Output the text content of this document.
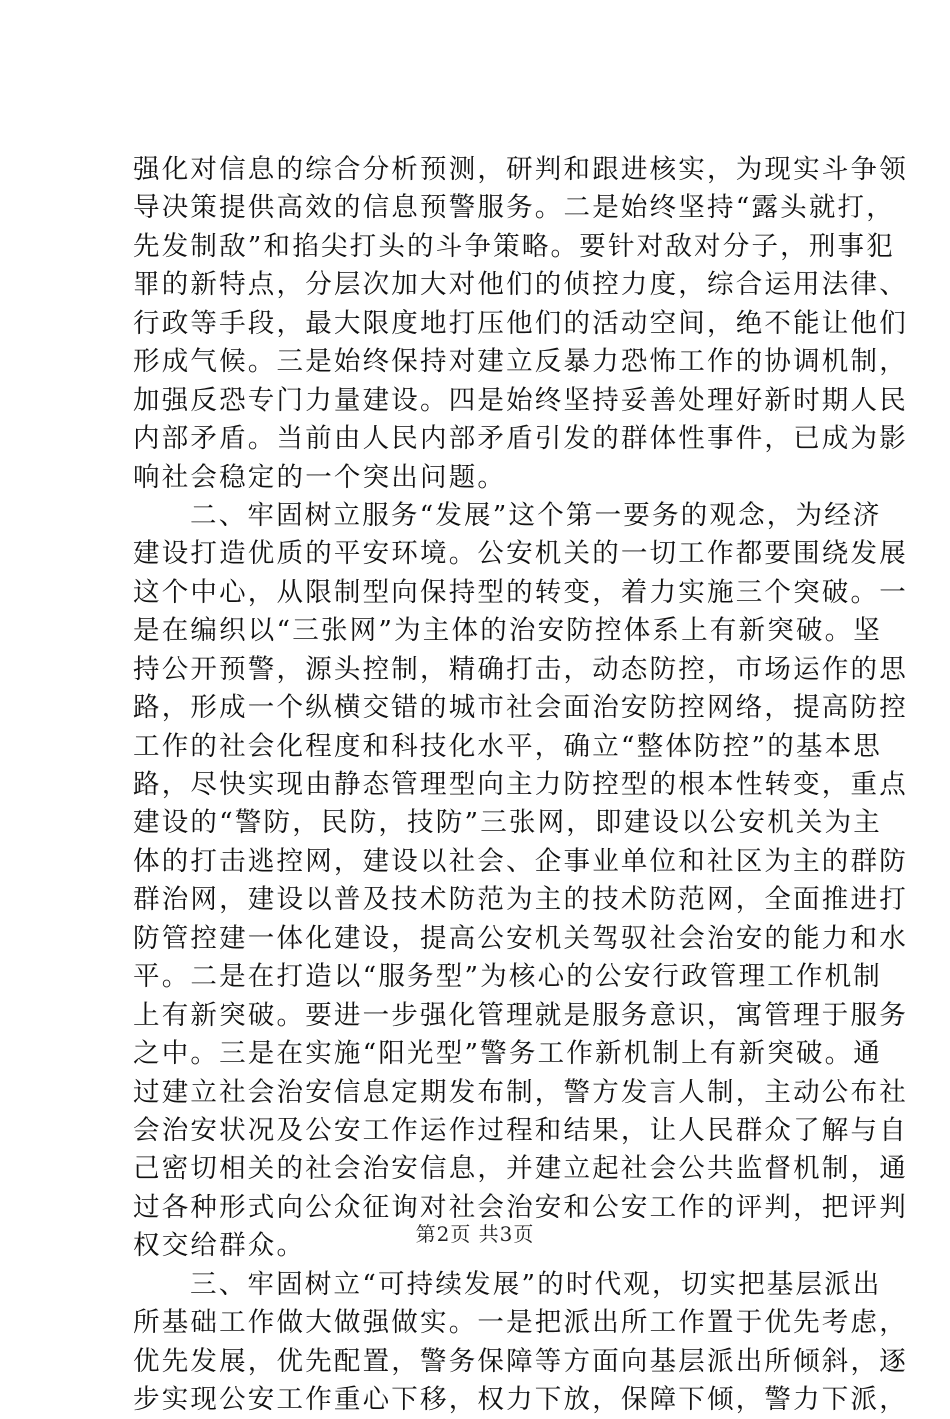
强化对信息的综合分析预测，研判和跟进核实，为现实斗争领
导决策提供高效的信息预警服务。二是始终坚持“露头就打，
先发制敌”和掐尖打头的斗争策略。要针对敌对分子，刑事犯
罪的新特点，分层次加大对他们的侦控力度，综合运用法律、
行政等手段，最大限度地打压他们的活动空间，绝不能让他们
形成气候。三是始终保持对建立反暴力恐怖工作的协调机制，
加强反恐专门力量建设。四是始终坚持妥善处理好新时期人民
内部矛盾。当前由人民内部矛盾引发的群体性事件，已成为影
响社会稳定的一个突出问题。
二、牢固树立服务“发展”这个第一要务的观念，为经济
建设打造优质的平安环境。公安机关的一切工作都要围绕发展
这个中心，从限制型向保持型的转变，着力实施三个突破。一
是在编织以“三张网”为主体的治安防控体系上有新突破。坚
持公开预警，源头控制，精确打击，动态防控，市场运作的思
路，形成一个纵横交错的城市社会面治安防控网络，提高防控
工作的社会化程度和科技化水平，确立“整体防控”的基本思
路，尽快实现由静态管理型向主力防控型的根本性转变，重点
建设的“警防，民防，技防”三张网，即建设以公安机关为主
体的打击逃控网，建设以社会、企事业单位和社区为主的群防
群治网，建设以普及技术防范为主的技术防范网，全面推进打
防管控建一体化建设，提高公安机关驾驭社会治安的能力和水
平。二是在打造以“服务型”为核心的公安行政管理工作机制
上有新突破。要进一步强化管理就是服务意识，寓管理于服务
之中。三是在实施“阳光型”警务工作新机制上有新突破。通
过建立社会治安信息定期发布制，警方发言人制，主动公布社
会治安状况及公安工作运作过程和结果，让人民群众了解与自
己密切相关的社会治安信息，并建立起社会公共监督机制，通
过各种形式向公众征询对社会治安和公安工作的评判，把评判
权交给群众。
三、牢固树立“可持续发展”的时代观，切实把基层派出
所基础工作做大做强做实。一是把派出所工作置于优先考虑，
优先发展，优先配置，警务保障等方面向基层派出所倾斜，逐
步实现公安工作重心下移，权力下放，保障下倾，警力下派，
第2页 共3页
